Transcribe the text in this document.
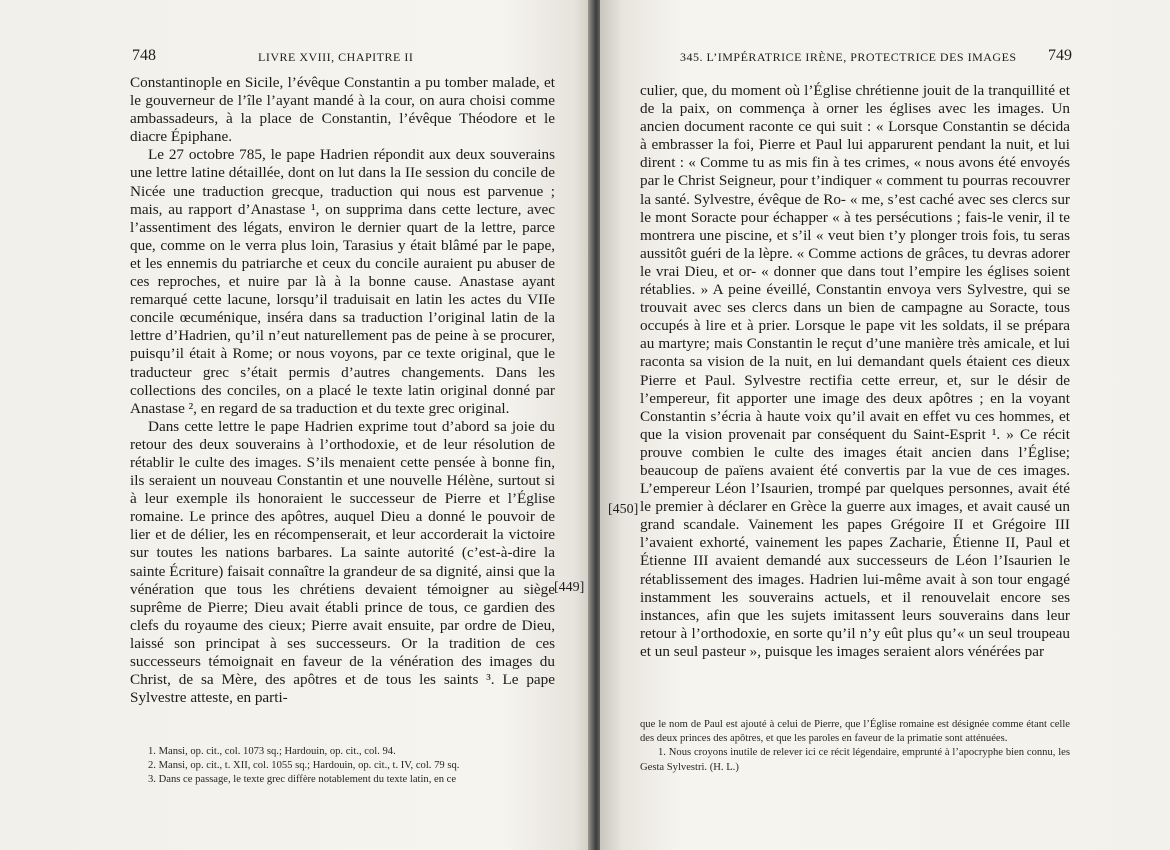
748	LIVRE XVIII, CHAPITRE II

Constantinople en Sicile, l’évêque Constantin a pu tomber malade, et le gouverneur de l’île l’ayant mandé à la cour, on aura choisi comme ambassadeurs, à la place de Constantin, l’évêque Théodore et le diacre Épiphane.

Le 27 octobre 785, le pape Hadrien répondit aux deux souverains une lettre latine détaillée, dont on lut dans la IIe session du concile de Nicée une traduction grecque, traduction qui nous est parvenue ; mais, au rapport d’Anastase ¹, on supprima dans cette lecture, avec l’assentiment des légats, environ le dernier quart de la lettre, parce que, comme on le verra plus loin, Tarasius y était blâmé par le pape, et les ennemis du patriarche et ceux du concile auraient pu abuser de ces reproches, et nuire par là à la bonne cause. Anastase ayant remarqué cette lacune, lorsqu’il traduisait en latin les actes du VIIe concile œcuménique, inséra dans sa traduction l’original latin de la lettre d’Hadrien, qu’il n’eut naturellement pas de peine à se procurer, puisqu’il était à Rome; or nous voyons, par ce texte original, que le traducteur grec s’était permis d’autres changements. Dans les collections des conciles, on a placé le texte latin original donné par Anastase ², en regard de sa traduction et du texte grec original.

Dans cette lettre le pape Hadrien exprime tout d’abord sa joie du retour des deux souverains à l’orthodoxie, et de leur résolution de rétablir le culte des images. S’ils menaient cette pensée à bonne fin, ils seraient un nouveau Constantin et une nouvelle Hélène, surtout si à leur exemple ils honoraient le successeur de Pierre et l’Église romaine. Le prince des apôtres, auquel Dieu a donné le pouvoir de lier et de délier, les en récompenserait, et leur accorderait la victoire sur toutes les nations barbares. La sainte autorité (c’est-à-dire la sainte Écriture) faisait connaître la grandeur de sa dignité, ainsi que la vénération que tous les chrétiens devaient témoigner au siège suprême de Pierre; Dieu avait établi prince de tous, ce gardien des clefs du royaume des cieux; Pierre avait ensuite, par ordre de Dieu, laissé son principat à ses successeurs. Or la tradition de ces successeurs témoignait en faveur de la vénération des images du Christ, de sa Mère, des apôtres et de tous les saints ³. Le pape Sylvestre atteste, en parti-

[449]

1. Mansi, op. cit., col. 1073 sq.; Hardouin, op. cit., col. 94.

2. Mansi, op. cit., t. XII, col. 1055 sq.; Hardouin, op. cit., t. IV, col. 79 sq.

3. Dans ce passage, le texte grec diffère notablement du texte latin, en ce

345. L’IMPÉRATRICE IRÈNE, PROTECTRICE DES IMAGES 749
[450]

culier, que, du moment où l’Église chrétienne jouit de la tranquillité et de la paix, on commença à orner les églises avec les images. Un ancien document raconte ce qui suit : « Lorsque Constantin se décida à embrasser la foi, Pierre et Paul lui apparurent pendant la nuit, et lui dirent : « Comme tu as mis fin à tes crimes, « nous avons été envoyés par le Christ Seigneur, pour t’indiquer « comment tu pourras recouvrer la santé. Sylvestre, évêque de Ro- « me, s’est caché avec ses clercs sur le mont Soracte pour échapper « à tes persécutions ; fais-le venir, il te montrera une piscine, et s’il « veut bien t’y plonger trois fois, tu seras aussitôt guéri de la lèpre. « Comme actions de grâces, tu devras adorer le vrai Dieu, et or- « donner que dans tout l’empire les églises soient rétablies. » A peine éveillé, Constantin envoya vers Sylvestre, qui se trouvait avec ses clercs dans un bien de campagne au Soracte, tous occupés à lire et à prier. Lorsque le pape vit les soldats, il se prépara au martyre; mais Constantin le reçut d’une manière très amicale, et lui raconta sa vision de la nuit, en lui demandant quels étaient ces dieux Pierre et Paul. Sylvestre rectifia cette erreur, et, sur le désir de l’empereur, fit apporter une image des deux apôtres ; en la voyant Constantin s’écria à haute voix qu’il avait en effet vu ces hommes, et que la vision provenait par conséquent du Saint-Esprit ¹. » Ce récit prouve combien le culte des images était ancien dans l’Église; beaucoup de païens avaient été convertis par la vue de ces images. L’empereur Léon l’Isaurien, trompé par quelques personnes, avait été le premier à déclarer en Grèce la guerre aux images, et avait causé un grand scandale. Vainement les papes Grégoire II et Grégoire III l’avaient exhorté, vainement les papes Zacharie, Étienne II, Paul et Étienne III avaient demandé aux successeurs de Léon l’Isaurien le rétablissement des images. Hadrien lui-même avait à son tour engagé instamment les souverains actuels, et il renouvelait encore ses instances, afin que les sujets imitassent leurs souverains dans leur retour à l’orthodoxie, en sorte qu’il n’y eût plus qu’« un seul troupeau et un seul pasteur », puisque les images seraient alors vénérées par

que le nom de Paul est ajouté à celui de Pierre, que l’Église romaine est désignée comme étant celle des deux princes des apôtres, et que les paroles en faveur de la primatie sont atténuées.

1. Nous croyons inutile de relever ici ce récit légendaire, emprunté à l’apocryphe bien connu, les Gesta Sylvestri. (H. L.)
